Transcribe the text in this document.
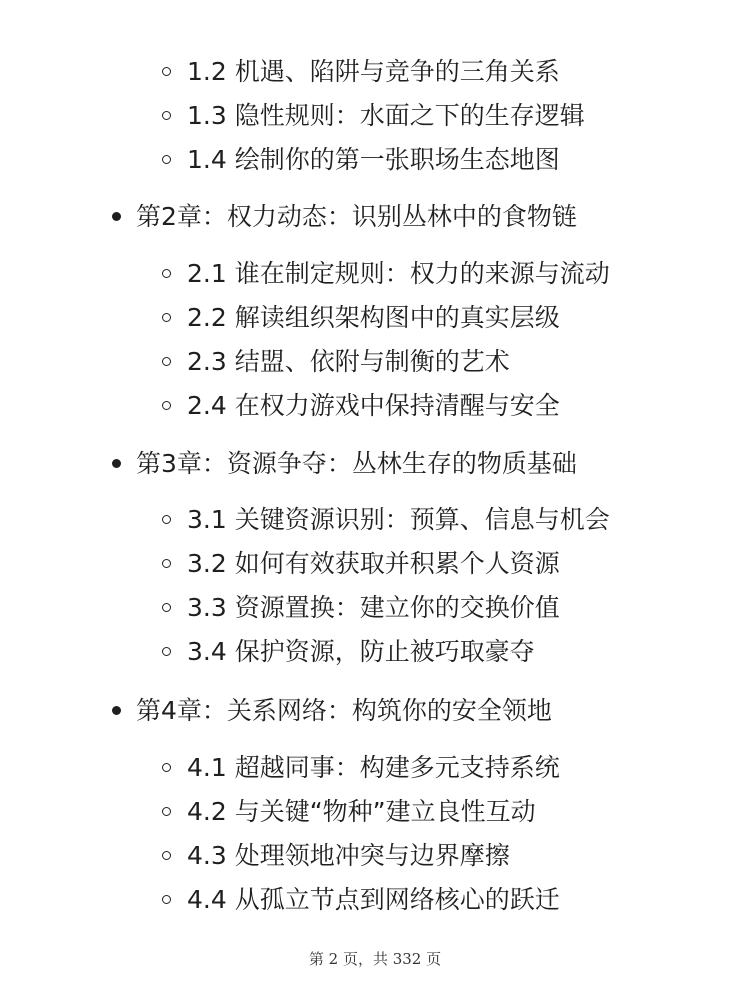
1.2 机遇、陷阱与竞争的三角关系
1.3 隐性规则：水面之下的生存逻辑
1.4 绘制你的第一张职场生态地图
第2章：权力动态：识别丛林中的食物链
2.1 谁在制定规则：权力的来源与流动
2.2 解读组织架构图中的真实层级
2.3 结盟、依附与制衡的艺术
2.4 在权力游戏中保持清醒与安全
第3章：资源争夺：丛林生存的物质基础
3.1 关键资源识别：预算、信息与机会
3.2 如何有效获取并积累个人资源
3.3 资源置换：建立你的交换价值
3.4 保护资源，防止被巧取豪夺
第4章：关系网络：构筑你的安全领地
4.1 超越同事：构建多元支持系统
4.2 与关键“物种”建立良性互动
4.3 处理领地冲突与边界摩擦
4.4 从孤立节点到网络核心的跃迁
第 2 页，共 332 页
